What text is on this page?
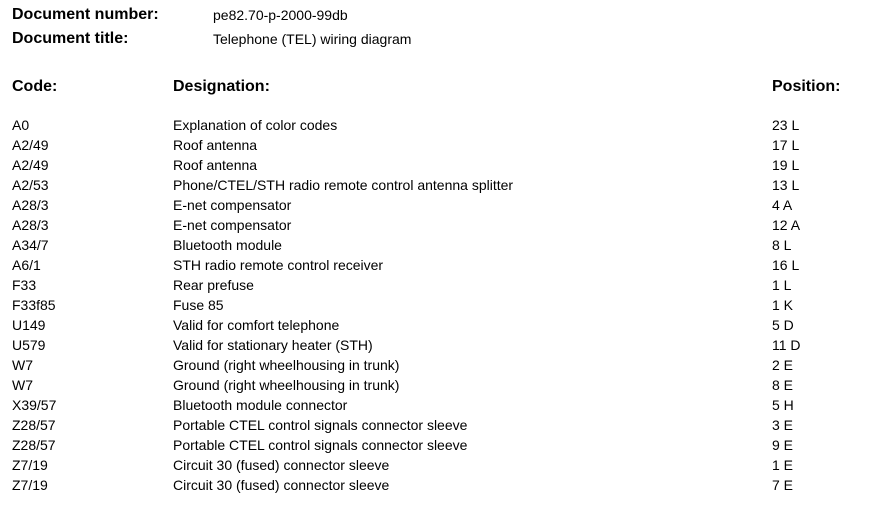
Document number:	pe82.70-p-2000-99db
Document title:	Telephone (TEL) wiring diagram
Code:	Designation:	Position:
A0	Explanation of color codes	23 L
A2/49	Roof antenna	17 L
A2/49	Roof antenna	19 L
A2/53	Phone/CTEL/STH radio remote control antenna splitter	13 L
A28/3	E-net compensator	4 A
A28/3	E-net compensator	12 A
A34/7	Bluetooth module	8 L
A6/1	STH radio remote control receiver	16 L
F33	Rear prefuse	1 L
F33f85	Fuse 85	1 K
U149	Valid for comfort telephone	5 D
U579	Valid for stationary heater (STH)	11 D
W7	Ground (right wheelhousing in trunk)	2 E
W7	Ground (right wheelhousing in trunk)	8 E
X39/57	Bluetooth module connector	5 H
Z28/57	Portable CTEL control signals connector sleeve	3 E
Z28/57	Portable CTEL control signals connector sleeve	9 E
Z7/19	Circuit 30 (fused) connector sleeve	1 E
Z7/19	Circuit 30 (fused) connector sleeve	7 E
